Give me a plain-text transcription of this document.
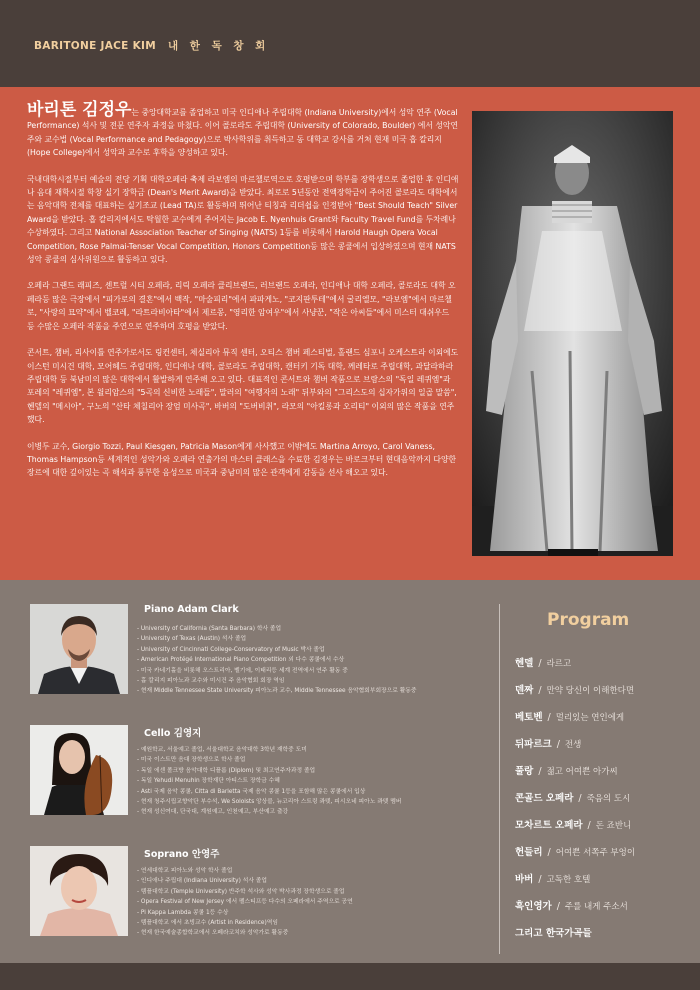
BARITONE JACE KIM 내 한 독 창 회

바리톤 김정우는 중앙대학교를 졸업하고 미국 인디애나 주립대학 (Indiana University)에서 성악 연주 (Vocal Performance) 석사 및 전문 연주자 과정을 마쳤다. 이어 콜로라도 주립대학 (University of Colorado, Boulder) 에서 성악연주와 교수법 (Vocal Performance and Pedagogy)으로 박사학위를 취득하고 동 대학교 강사를 거쳐 현재 미국 홉 칼리지 (Hope College)에서 성악과 교수로 후학을 양성하고 있다.

국내대학시절부터 예술의 전당 기획 대학오페라 축제 라보엠의 마르첼로역으로 호평받으며 학부를 장학생으로 졸업한 후 인디애나 음대 재학시절 학창 실기 장학금 (Dean's Merit Award)을 받았다. 최로로 5년동안 전액장학금이 주어진 콜로라도 대학에서는 음악대학 전체를 대표하는 실기조교 (Lead TA)로 활동하며 뛰어난 티칭과 리더쉽을 인정받아 "Best Should Teach" Silver Award을 받았다. 홉 칼리지에서도 탁월한 교수에게 주어지는 Jacob E. Nyenhuis Grant와 Faculty Travel Fund를 두차례나 수상하였다. 그리고 National Association Teacher of Singing (NATS) 1등를 비롯해서 Harold Haugh Opera Vocal Competition, Rose Palmai-Tenser Vocal Competition, Honors Competition등 많은 콩쿨에서 입상하였으며 현재 NATS 성악 콩쿨의 심사위원으로 활동하고 있다.

오페라 그랜드 래피즈, 센트럴 시티 오페라, 리릭 오페라 클리브랜드, 러브랜드 오페라, 인디애나 대학 오페라, 콜로라도 대학 오페라등 많은 극장에서 "피가로의 결혼"에서 백작, "마술피리"에서 파파게노, "코지판투테"에서 굴리엘모, "라보엠"에서 마르첼로, "사랑의 묘약"에서 벨코레, "라트라비아타"에서 제르몽, "영리한 암여우"에서 사냥꾼, "작은 아씨들"에서 미스터 대쉬우드 등 수많은 오페라 작품을 주연으로 연주하며 호평을 받았다.

콘서트, 챔버, 리사이틀 연주가로서도 링컨센터, 체실리아 뮤직 센터, 오티스 챔버 페스티벌, 홀랜드 심포니 오케스트라 이외에도 이스턴 미시건 대학, 모어헤드 주립대학, 인디애나 대학, 콜로라도 주립대학, 캔터키 기독 대학, 께레타로 주립대학, 과달라하라 주립대학 등 북남미의 많은 대학에서 활발하게 연주해 오고 있다. 대표적인 콘서트와 챔버 작품으로 브람스의 "독일 레퀴엠"과 포레의 "레퀴엠", 본 윌리암스의 "5곡의 신비한 노래들", 말러의 "여행자의 노래" 뒤부와의 "그리스도의 십자가위의 일곱 말씀", 헨델의 "메시아", 구노의 "산타 체칠리아 장엄 미사곡", 바버의 "도버비취", 라모의 "아킬롱과 오리티" 이외의 많은 작품을 연주했다.

이병두 교수, Giorgio Tozzi, Paul Kiesgen, Patricia Mason에게 사사했고 이밖에도 Martina Arroyo, Carol Vaness, Thomas Hampson등 세계적인 성악가와 오페라 연출가의 마스터 클래스을 수료한 김정우는 바로크부터 현대음악까지 다양한 장르에 대한 깊이있는 곡 해석과 풍부한 음성으로 미국과 중남미의 많은 관객에게 감동을 선사 해오고 있다.

Piano Adam Clark
- University of California (Santa Barbara) 학사 졸업
- University of Texas (Austin) 석사 졸업
- University of Cincinnati College-Conservatory of Music 박사 졸업
- American Protégé International Piano Competition 외 다수 콩쿨에서 수상
- 미국 카네기홀을 비롯해 오스트리아, 벨기에, 이태리등 세계 전역에서 연주 활동 중
- 홉 칼리지 피아노과 교수와 미시건 주 음악협회 회장 역임
- 현재 Middle Tennessee State University 피아노과 교수, Middle Tennessee 음악협회부회장으로 활동중
Cello 김영지
- 예원학교, 서울예고 졸업, 서울대학교 음악대학 3학년 재학중 도미
- 미국 이스트만 음대 장학생으로 학사 졸업
- 독일 에센 폴크방 음악대학 디플롬 (Diplom) 및 최고연주자과정 졸업
- 독일 Yehudi Menuhin 장학재단 아티스트 장학금 수혜
- Asti 국제 음악 콩쿨, Citta di Barletta 국제 음악 콩쿨 1등을 포함해 많은 콩쿨에서 입상
- 현재 청주시립교향악단 부수석, We Soloists 앙상블, 뉴코리아 스트링 콰텟, 피시오네 피아노 콰텟 멤버
- 현재 성신여대, 단국대, 계원예고, 인천예고, 부산예고 출강
Soprano 안영주
- 연세대학교 피아노와 성악 학사 졸업
- 인디애나 주립대 (Indiana University) 석사 졸업
- 템플대학교 (Temple University) 반주학 석사와 성악 박사과정 장학생으로 졸업
- Opera Festival of New Jersey 에서 펠스티프등 다수의 오페라에서 주역으로 공연
- Pi Kappa Lambda 콩쿨 1등 수상
- 템플대학교 에서 초빙교수 (Artist in Residence)역임
- 현재 한국예술종합학교에서 오페라코치와 성악가로 활동중
Program
헨델 / 라르고
덴짜 / 만약 당신이 이해한다면
베토벤 / 멀리있는 연인에게
뒤파르크 / 전생
풀랑 / 젊고 어여쁜 아가씨
콘골드 오페라 / 죽음의 도시
모차르트 오페라 / 돈 죠반니
헌들리 / 어여쁜 서쪽주 부엉이
바버 / 고독한 호텔
흑인영가 / 주를 내게 주소서
그리고 한국가곡들
